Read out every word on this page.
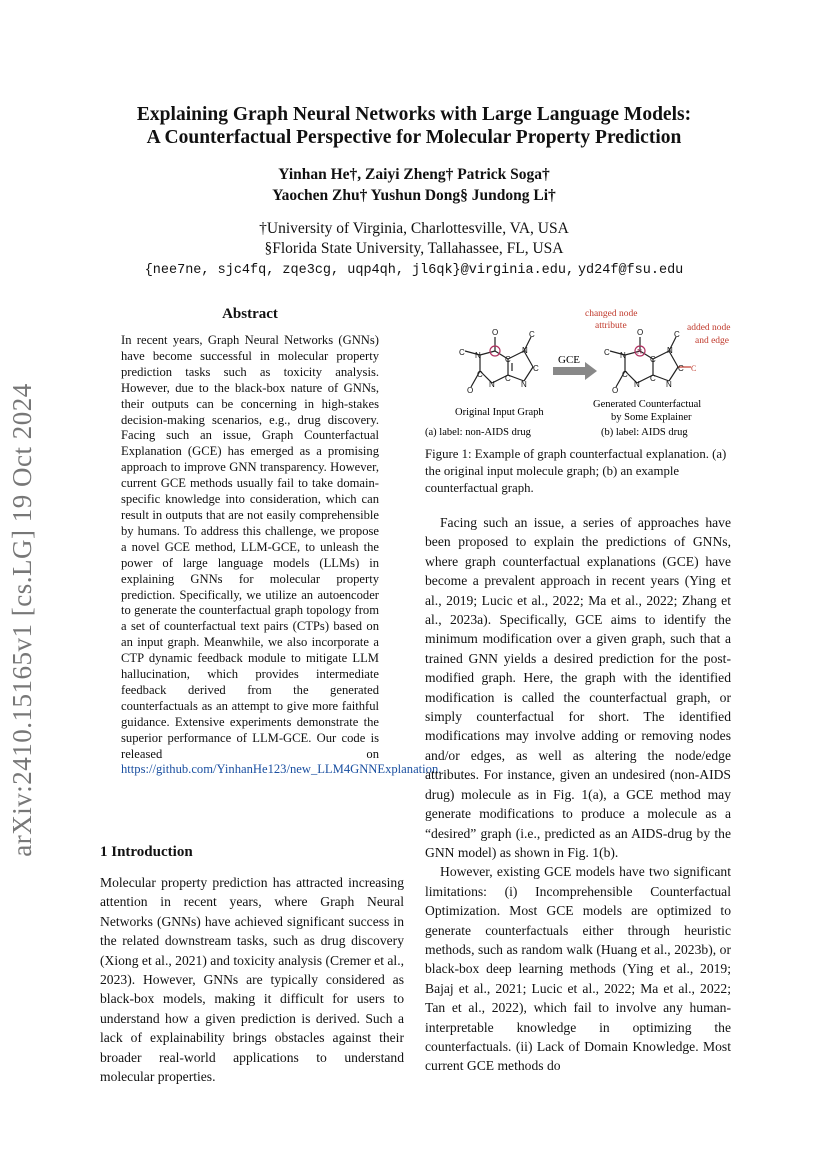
arXiv:2410.15165v1 [cs.LG] 19 Oct 2024
Explaining Graph Neural Networks with Large Language Models:
A Counterfactual Perspective for Molecular Property Prediction
Yinhan He†, Zaiyi Zheng† Patrick Soga†
Yaochen Zhu† Yushun Dong§ Jundong Li†
†University of Virginia, Charlottesville, VA, USA
§Florida State University, Tallahassee, FL, USA
{nee7ne, sjc4fq, zqe3cg, uqp4qh, jl6qk}@virginia.edu, yd24f@fsu.edu
Abstract
In recent years, Graph Neural Networks (GNNs) have become successful in molecular property prediction tasks such as toxicity analysis. However, due to the black-box nature of GNNs, their outputs can be concerning in high-stakes decision-making scenarios, e.g., drug discovery. Facing such an issue, Graph Counterfactual Explanation (GCE) has emerged as a promising approach to improve GNN transparency. However, current GCE methods usually fail to take domain-specific knowledge into consideration, which can result in outputs that are not easily comprehensible by humans. To address this challenge, we propose a novel GCE method, LLM-GCE, to unleash the power of large language models (LLMs) in explaining GNNs for molecular property prediction. Specifically, we utilize an autoencoder to generate the counterfactual graph topology from a set of counterfactual text pairs (CTPs) based on an input graph. Meanwhile, we also incorporate a CTP dynamic feedback module to mitigate LLM hallucination, which provides intermediate feedback derived from the generated counterfactuals as an attempt to give more faithful guidance. Extensive experiments demonstrate the superior performance of LLM-GCE. Our code is released on https://github.com/YinhanHe123/new_LLM4GNNExplanation.
O	C
C N
N
C
C
N	N
C
C
O
Original Input Graph
(a) label: non-AIDS drug
GCE
O	C
C N
N
C
C
N	N
C
C
O
C
N
changed node
attribute	added node
and edge
Generated Counterfactual
by Some Explainer
(b) label: AIDS drug
Figure 1: Example of graph counterfactual explanation. (a) the original input molecule graph; (b) an example counterfactual graph.
1 Introduction
Molecular property prediction has attracted increasing attention in recent years, where Graph Neural Networks (GNNs) have achieved significant success in the related downstream tasks, such as drug discovery (Xiong et al., 2021) and toxicity analysis (Cremer et al., 2023). However, GNNs are typically considered as black-box models, making it difficult for users to understand how a given prediction is derived. Such a lack of explainability brings obstacles against their broader real-world applications to understand molecular properties.

Facing such an issue, a series of approaches have been proposed to explain the predictions of GNNs, where graph counterfactual explanations (GCE) have become a prevalent approach in recent years (Ying et al., 2019; Lucic et al., 2022; Ma et al., 2022; Zhang et al., 2023a). Specifically, GCE aims to identify the minimum modification over a given graph, such that a trained GNN yields a desired prediction for the post-modified graph. Here, the graph with the identified modification is called the counterfactual graph, or simply counterfactual for short. The identified modifications may involve adding or removing nodes and/or edges, as well as altering the node/edge attributes. For instance, given an undesired (non-AIDS drug) molecule as in Fig. 1(a), a GCE method may generate modifications to produce a molecule as a “desired” graph (i.e., predicted as an AIDS-drug by the GNN model) as shown in Fig. 1(b).

However, existing GCE models have two significant limitations: (i) Incomprehensible Counterfactual Optimization. Most GCE models are optimized to generate counterfactuals either through heuristic methods, such as random walk (Huang et al., 2023b), or black-box deep learning methods (Ying et al., 2019; Bajaj et al., 2021; Lucic et al., 2022; Ma et al., 2022; Tan et al., 2022), which fail to involve any human-interpretable knowledge in optimizing the counterfactuals. (ii) Lack of Domain Knowledge. Most current GCE methods do
